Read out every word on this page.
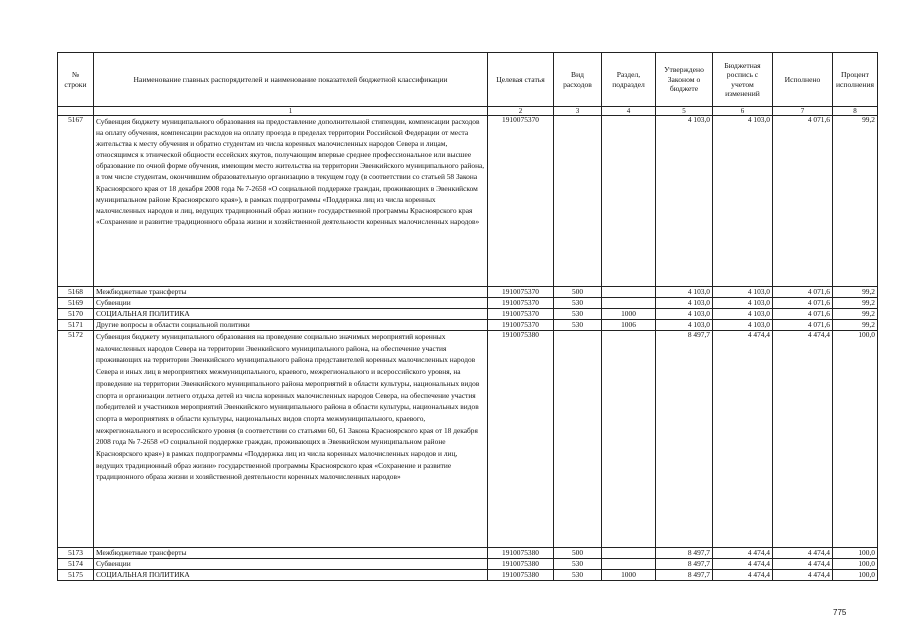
№ строки	Наименование главных распорядителей и наименование показателей бюджетной классификации	Целевая статья	Вид расходов	Раздел, подраздел	Утверждено Законом о бюджете	Бюджетная роспись с учетом изменений	Исполнено	Процент исполнения
	1	2	3	4	5	6	7	8
5167	Субвенция бюджету муниципального образования на предоставление дополнительной стипендии, компенсации расходов на оплату обучения, компенсации расходов на оплату проезда в пределах территории Российской Федерации от места жительства к месту обучения и обратно студентам из числа коренных малочисленных народов Севера и лицам, относящимся к этнической общности ессейских якутов, получающим впервые среднее профессиональное или высшее образование по очной форме обучения, имеющим место жительства на территории Эвенкийского муниципального района, в том числе студентам, окончившим образовательную организацию в текущем году (в соответствии со статьей 58 Закона Красноярского края от 18 декабря 2008 года № 7-2658 «О социальной поддержке граждан, проживающих в Эвенкийском муниципальном районе Красноярского края»), в рамках подпрограммы «Поддержка лиц из числа коренных малочисленных народов и лиц, ведущих традиционный образ жизни» государственной программы Красноярского края «Сохранение и развитие традиционного образа жизни и хозяйственной деятельности коренных малочисленных народов»	1910075370			4 103,0	4 103,0	4 071,6	99,2
5168	Межбюджетные трансферты	1910075370	500		4 103,0	4 103,0	4 071,6	99,2
5169	Субвенции	1910075370	530		4 103,0	4 103,0	4 071,6	99,2
5170	СОЦИАЛЬНАЯ ПОЛИТИКА	1910075370	530	1000	4 103,0	4 103,0	4 071,6	99,2
5171	Другие вопросы в области социальной политики	1910075370	530	1006	4 103,0	4 103,0	4 071,6	99,2
5172	Субвенция бюджету муниципального образования на проведение социально значимых мероприятий коренных малочисленных народов Севера на территории Эвенкийского муниципального района, на обеспечение участия проживающих на территории Эвенкийского муниципального района представителей коренных малочисленных народов Севера и иных лиц в мероприятиях межмуниципального, краевого, межрегионального и всероссийского уровня, на проведение на территории Эвенкийского муниципального района мероприятий в области культуры, национальных видов спорта и организации летнего отдыха детей из числа коренных малочисленных народов Севера, на обеспечение участия победителей и участников мероприятий Эвенкийского муниципального района в области культуры, национальных видов спорта в мероприятиях в области культуры, национальных видов спорта межмуниципального, краевого, межрегионального и всероссийского уровня (в соответствии со статьями 60, 61 Закона Красноярского края от 18 декабря 2008 года № 7-2658 «О социальной поддержке граждан, проживающих в Эвенкийском муниципальном районе Красноярского края») в рамках подпрограммы «Поддержка лиц из числа коренных малочисленных народов и лиц, ведущих традиционный образ жизни» государственной программы Красноярского края «Сохранение и развитие традиционного образа жизни и хозяйственной деятельности коренных малочисленных народов»	1910075380			8 497,7	4 474,4	4 474,4	100,0
5173	Межбюджетные трансферты	1910075380	500		8 497,7	4 474,4	4 474,4	100,0
5174	Субвенции	1910075380	530		8 497,7	4 474,4	4 474,4	100,0
5175	СОЦИАЛЬНАЯ ПОЛИТИКА	1910075380	530	1000	8 497,7	4 474,4	4 474,4	100,0
775
